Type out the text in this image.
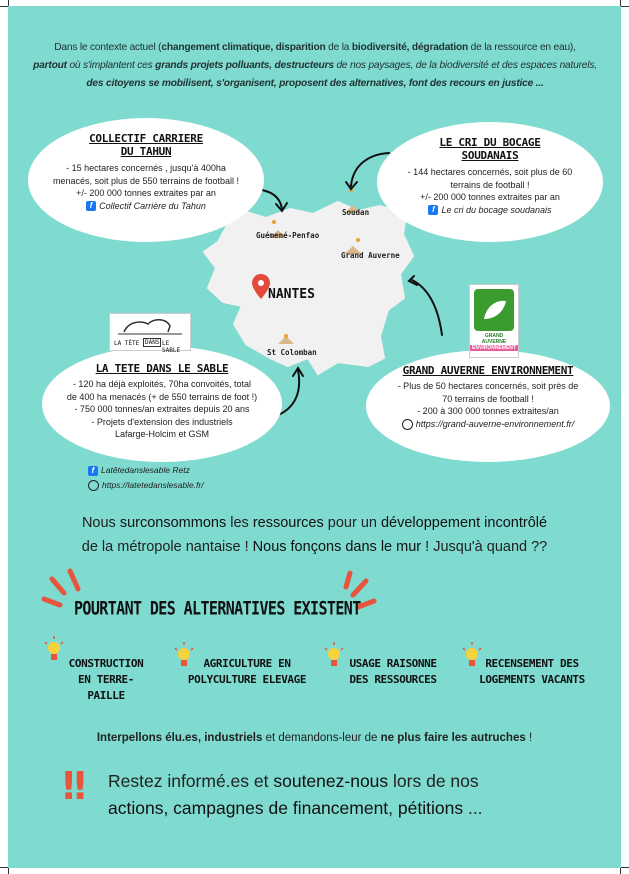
Dans le contexte actuel (changement climatique, disparition de la biodiversité, dégradation de la ressource en eau),
partout où s'implantent ces grands projets polluants, destructeurs de nos paysages, de la biodiversité et des espaces naturels, des citoyens se mobilisent, s'organisent, proposent des alternatives, font des recours en justice ...
Guémené-Penfao
Soudan
Grand Auverne
St Colomban
NANTES
COLLECTIF CARRIERE
DU TAHUN
- 15 hectares concernés , jusqu'à 400ha
menacés, soit plus de 550 terrains de football !
+/- 200 000 tonnes extraites par an
f Collectif Carrière du Tahun
LE CRI DU BOCAGE
SOUDANAIS
- 144 hectares concernés, soit plus de 60
terrains de football !
+/- 200 000 tonnes extraites par an
f Le cri du bocage soudanais
LA TETE DANS LE SABLE
- 120 ha déjà exploités, 70ha convoités, total
de 400 ha menacés (+ de 550 terrains de foot !)
- 750 000 tonnes/an extraites depuis 20 ans
- Projets d'extension des industriels
Lafarge-Holcim et GSM
LA TÊTE DANS LE SABLE
GRAND AUVERNE ENVIRONNEMENT
- Plus de 50 hectares concernés, soit près de
70 terrains de football !
- 200 à 300 000 tonnes extraites/an
https://grand-auverne-environnement.fr/
GRAND
AUVERNE
ENVIRONNEMENT
f Latêtedanslesable Retz
https://latetedanslesable.fr/
Nous surconsommons les ressources pour un développement incontrôlé
de la métropole nantaise ! Nous fonçons dans le mur ! Jusqu'à quand ??
POURTANT DES ALTERNATIVES EXISTENT
CONSTRUCTION
EN TERRE-
PAILLE
AGRICULTURE EN
POLYCULTURE ELEVAGE
USAGE RAISONNE
DES RESSOURCES
RECENSEMENT DES
LOGEMENTS VACANTS
Interpellons élu.es, industriels et demandons-leur de ne plus faire les autruches !
!! Restez informé.es et soutenez-nous lors de nos
actions, campagnes de financement, pétitions ...
